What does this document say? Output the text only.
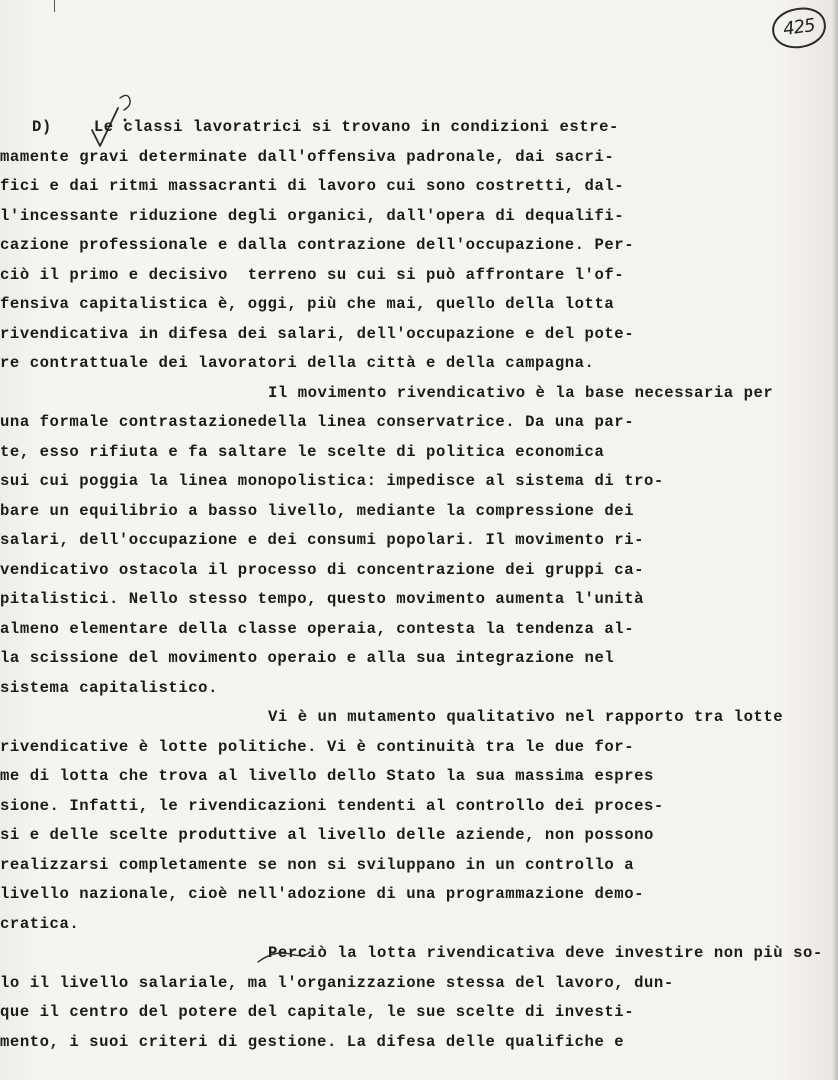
425
D)	Le classi lavoratrici si trovano in condizioni estre-
mamente gravi determinate dall'offensiva padronale, dai sacri-
fici e dai ritmi massacranti di lavoro cui sono costretti, dal-
l'incessante riduzione degli organici, dall'opera di dequalifi-
cazione professionale e dalla contrazione dell'occupazione. Per-
ciò il primo e decisivo  terreno su cui si può affrontare l'of-
fensiva capitalistica è, oggi, più che mai, quello della lotta
rivendicativa in difesa dei salari, dell'occupazione e del pote-
re contrattuale dei lavoratori della città e della campagna.
Il movimento rivendicativo è la base necessaria per
una formale contrastazionedella linea conservatrice. Da una par-
te, esso rifiuta e fa saltare le scelte di politica economica
sui cui poggia la linea monopolistica: impedisce al sistema di tro-
bare un equilibrio a basso livello, mediante la compressione dei
salari, dell'occupazione e dei consumi popolari. Il movimento ri-
vendicativo ostacola il processo di concentrazione dei gruppi ca-
pitalistici. Nello stesso tempo, questo movimento aumenta l'unità
almeno elementare della classe operaia, contesta la tendenza al-
la scissione del movimento operaio e alla sua integrazione nel
sistema capitalistico.
Vi è un mutamento qualitativo nel rapporto tra lotte
rivendicative è lotte politiche. Vi è continuità tra le due for-
me di lotta che trova al livello dello Stato la sua massima espres
sione. Infatti, le rivendicazioni tendenti al controllo dei proces-
si e delle scelte produttive al livello delle aziende, non possono
realizzarsi completamente se non si sviluppano in un controllo a
livello nazionale, cioè nell'adozione di una programmazione demo-
cratica.
Perciò la lotta rivendicativa deve investire non più so-
lo il livello salariale, ma l'organizzazione stessa del lavoro, dun-
que il centro del potere del capitale, le sue scelte di investi-
mento, i suoi criteri di gestione. La difesa delle qualifiche e
